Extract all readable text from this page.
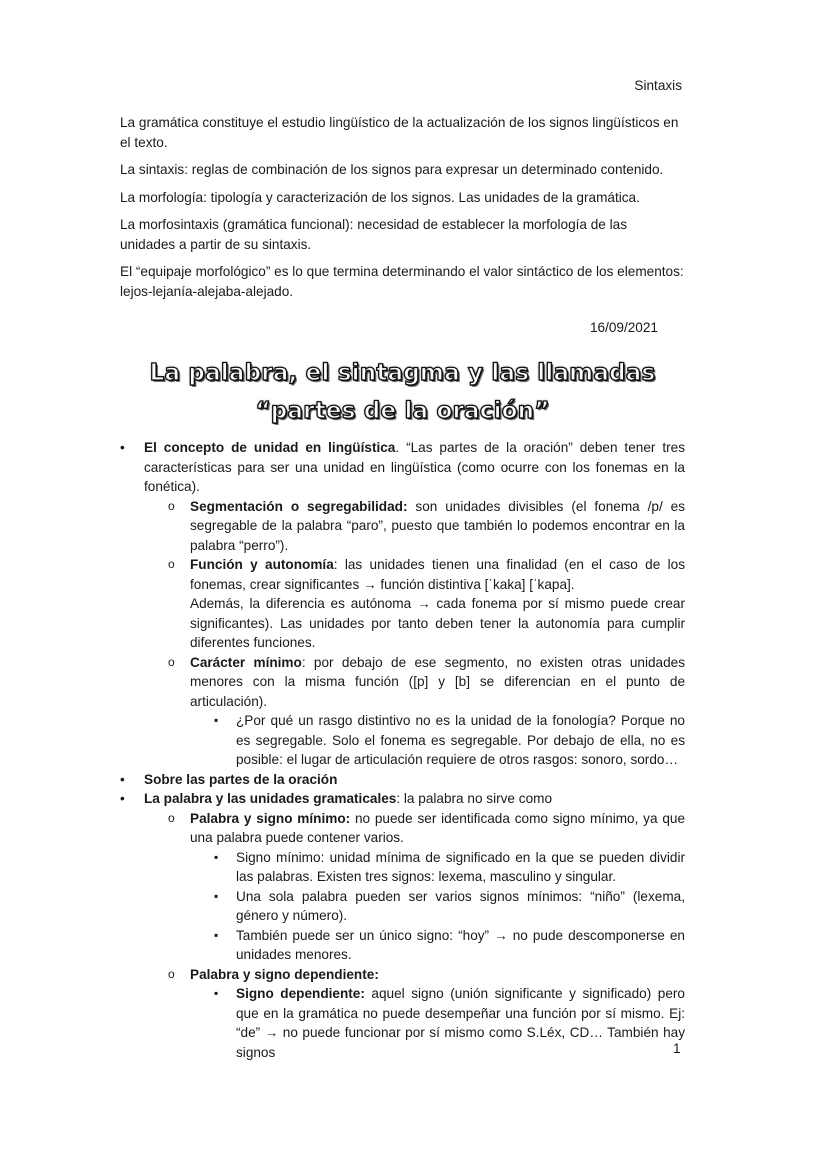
Sintaxis

La gramática constituye el estudio lingüístico de la actualización de los signos lingüísticos en el texto.

La sintaxis: reglas de combinación de los signos para expresar un determinado contenido.

La morfología: tipología y caracterización de los signos. Las unidades de la gramática.

La morfosintaxis (gramática funcional): necesidad de establecer la morfología de las unidades a partir de su sintaxis.

El “equipaje morfológico” es lo que termina determinando el valor sintáctico de los elementos: lejos-lejanía-alejaba-alejado.

16/09/2021
La palabra, el sintagma y las llamadas “partes de la oración”
• El concepto de unidad en lingüística. “Las partes de la oración” deben tener tres características para ser una unidad en lingüística (como ocurre con los fonemas en la fonética).
o Segmentación o segregabilidad: son unidades divisibles (el fonema /p/ es segregable de la palabra “paro”, puesto que también lo podemos encontrar en la palabra “perro”).
o Función y autonomía: las unidades tienen una finalidad (en el caso de los fonemas, crear significantes → función distintiva [ˈkaka] [ˈkapa].
Además, la diferencia es autónoma → cada fonema por sí mismo puede crear significantes). Las unidades por tanto deben tener la autonomía para cumplir diferentes funciones.
o Carácter mínimo: por debajo de ese segmento, no existen otras unidades menores con la misma función ([p] y [b] se diferencian en el punto de articulación).
▪ ¿Por qué un rasgo distintivo no es la unidad de la fonología? Porque no es segregable. Solo el fonema es segregable. Por debajo de ella, no es posible: el lugar de articulación requiere de otros rasgos: sonoro, sordo…
• Sobre las partes de la oración
• La palabra y las unidades gramaticales: la palabra no sirve como
o Palabra y signo mínimo: no puede ser identificada como signo mínimo, ya que una palabra puede contener varios.
▪ Signo mínimo: unidad mínima de significado en la que se pueden dividir las palabras. Existen tres signos: lexema, masculino y singular.
▪ Una sola palabra pueden ser varios signos mínimos: “niño” (lexema, género y número).
▪ También puede ser un único signo: “hoy” → no pude descomponerse en unidades menores.
o Palabra y signo dependiente:
▪ Signo dependiente: aquel signo (unión significante y significado) pero que en la gramática no puede desempeñar una función por sí mismo. Ej: “de” → no puede funcionar por sí mismo como S.Léx, CD… También hay signos	1
